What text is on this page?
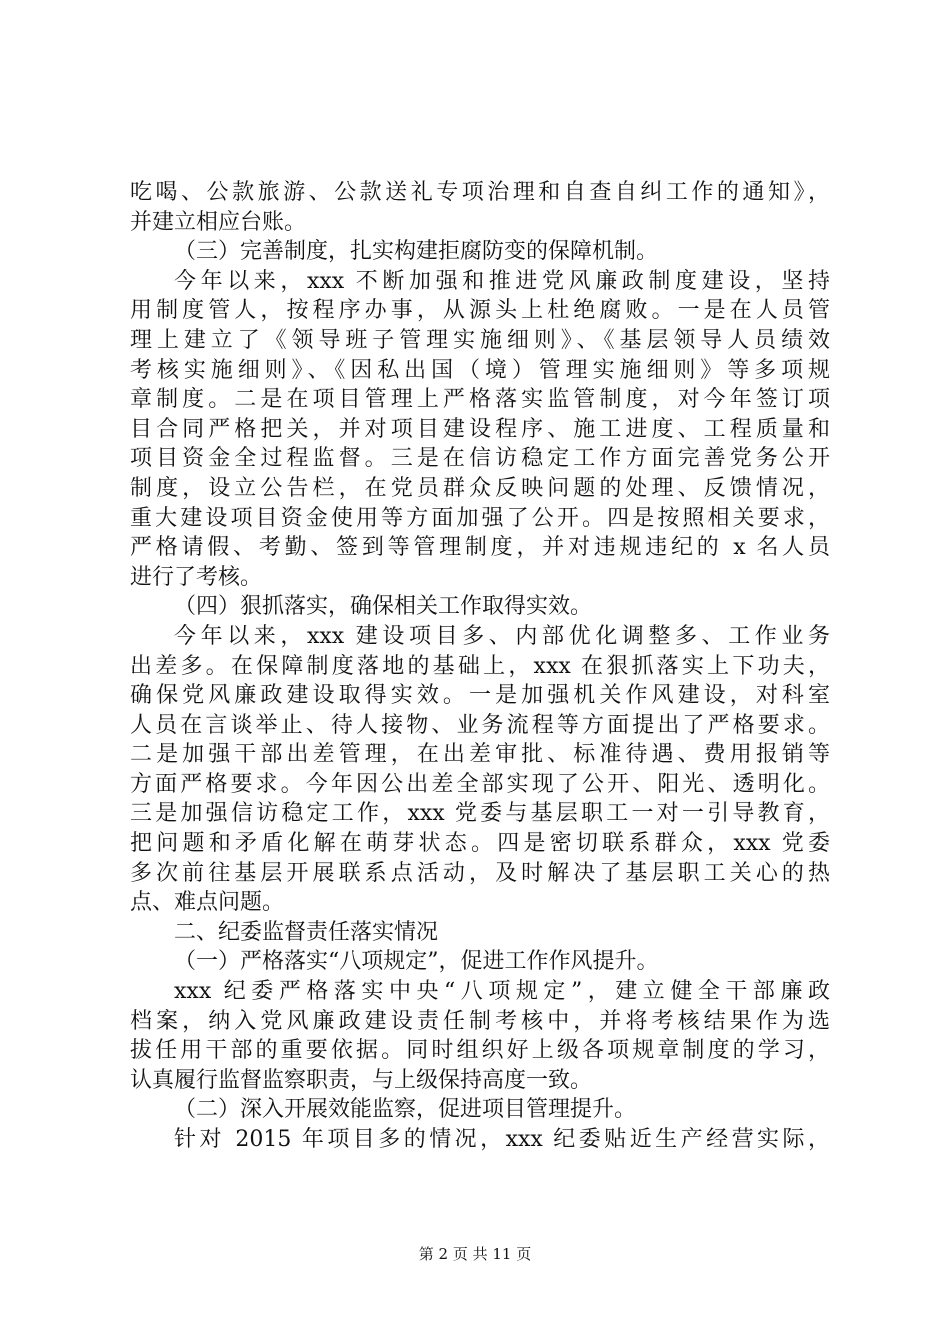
吃喝、公款旅游、公款送礼专项治理和自查自纠工作的通知》，
并建立相应台账。
（三）完善制度，扎实构建拒腐防变的保障机制。
今年以来，xxx 不断加强和推进党风廉政制度建设，坚持
用制度管人，按程序办事，从源头上杜绝腐败。一是在人员管
理上建立了《领导班子管理实施细则》、《基层领导人员绩效
考核实施细则》、《因私出国（境）管理实施细则》等多项规
章制度。二是在项目管理上严格落实监管制度，对今年签订项
目合同严格把关，并对项目建设程序、施工进度、工程质量和
项目资金全过程监督。三是在信访稳定工作方面完善党务公开
制度，设立公告栏，在党员群众反映问题的处理、反馈情况，
重大建设项目资金使用等方面加强了公开。四是按照相关要求，
严格请假、考勤、签到等管理制度，并对违规违纪的 x 名人员
进行了考核。
（四）狠抓落实，确保相关工作取得实效。
今年以来，xxx 建设项目多、内部优化调整多、工作业务
出差多。在保障制度落地的基础上，xxx 在狠抓落实上下功夫，
确保党风廉政建设取得实效。一是加强机关作风建设，对科室
人员在言谈举止、待人接物、业务流程等方面提出了严格要求。
二是加强干部出差管理，在出差审批、标准待遇、费用报销等
方面严格要求。今年因公出差全部实现了公开、阳光、透明化。
三是加强信访稳定工作，xxx 党委与基层职工一对一引导教育，
把问题和矛盾化解在萌芽状态。四是密切联系群众，xxx 党委
多次前往基层开展联系点活动，及时解决了基层职工关心的热
点、难点问题。
二、纪委监督责任落实情况
（一）严格落实“八项规定”，促进工作作风提升。
xxx 纪委严格落实中央“八项规定”，建立健全干部廉政
档案，纳入党风廉政建设责任制考核中，并将考核结果作为选
拔任用干部的重要依据。同时组织好上级各项规章制度的学习，
认真履行监督监察职责，与上级保持高度一致。
（二）深入开展效能监察，促进项目管理提升。
针对 2015 年项目多的情况，xxx 纪委贴近生产经营实际，
第 2 页 共 11 页
